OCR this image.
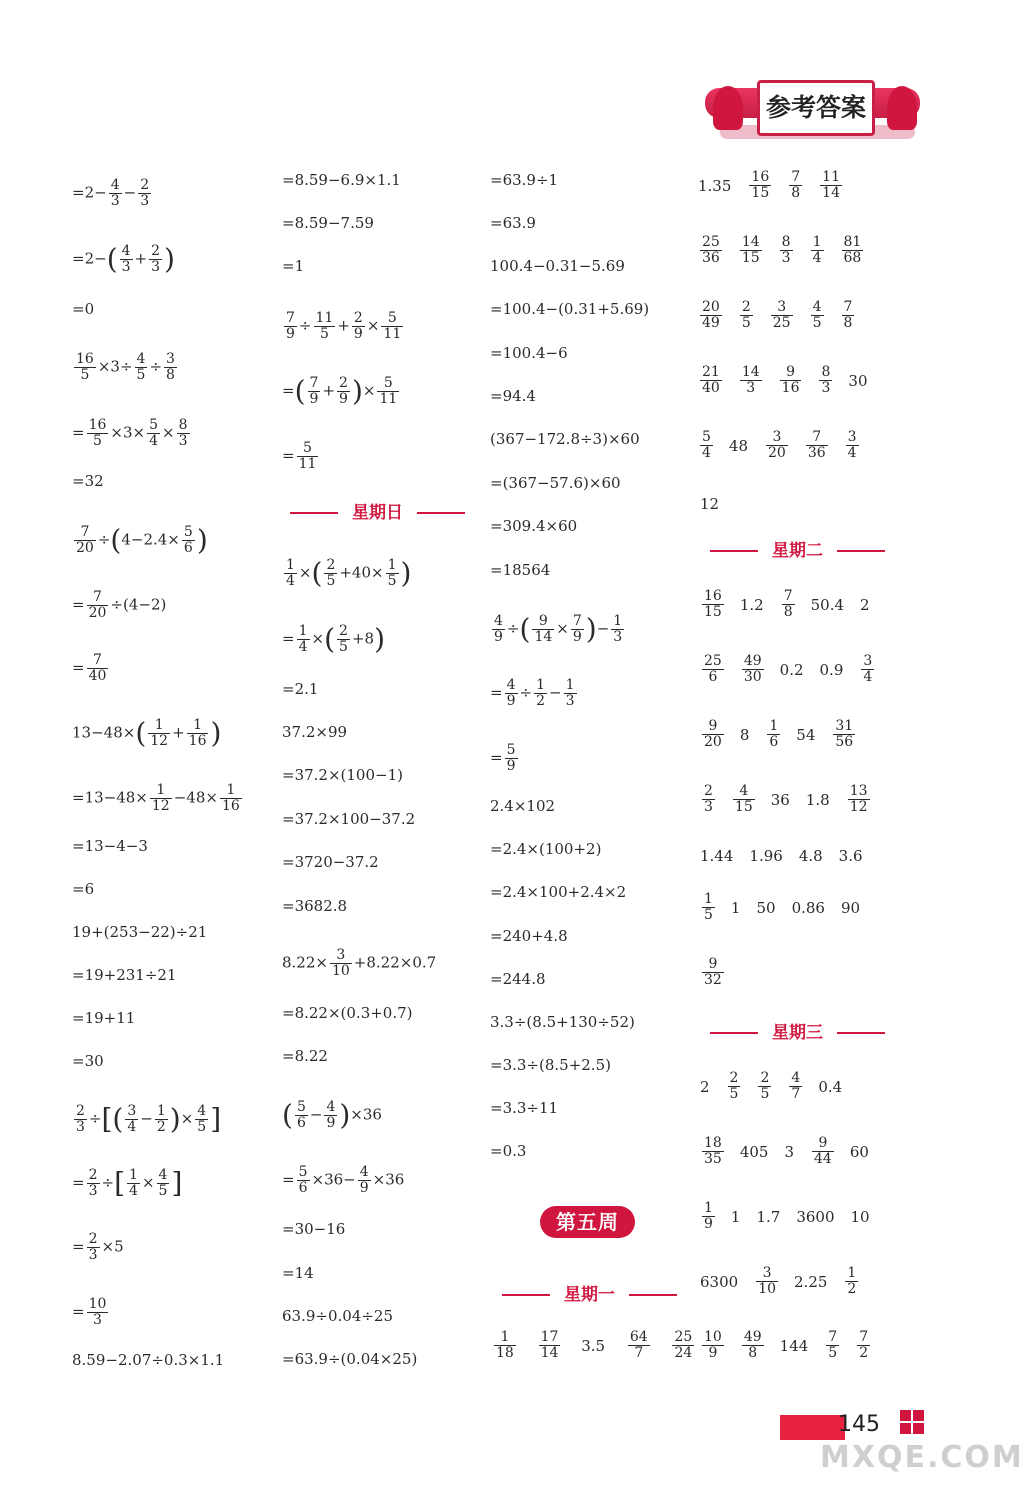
参考答案
$=2- \frac{4}{3} - \frac{2}{3}$
$=2-( \frac{4}{3} + \frac{2}{3}$ )
=0
$\frac{16}{5} \times 3\div \frac{4}{5} \div \frac{3}{8}$
= $\frac{16}{5} \times 3\times \frac{5}{4} \times \frac{8}{3}$
=32
$\frac{7}{20} \div(4-2.4\times \frac{5}{6}$ )
= $\frac{7}{20} \div(4-2)$
= $\frac{7}{40}$
$13-48\times( \frac{1}{12} + \frac{1}{16}$ )
$=13-48\times \frac{1}{12} -48\times \frac{1}{16}$
=13−4−3
=6
19+(253−22)÷21
=19+231÷21
=19+11
=30
$\frac{2}{3}$ ÷[( $\frac{3}{4} - \frac{1}{2}$ )× $\frac{4}{5}$ ]
= $\frac{2}{3}$ ÷[ $\frac{1}{4} \times \frac{4}{5}$ ]
= $\frac{2}{3} \times 5$
= $\frac{10}{3}$
8.59−2.07÷0.3×1.1
=8.59−6.9×1.1
=8.59−7.59
=1
$\frac{7}{9} \div \frac{11}{5} + \frac{2}{9} \times \frac{5}{11}$
=( $\frac{7}{9} + \frac{2}{9}$ )× $\frac{5}{11}$
= $\frac{5}{11}$
$\frac{1}{4}$ ×( $\frac{2}{5} +40\times \frac{1}{5}$ )
= $\frac{1}{4}$ ×( $\frac{2}{5} +8$)
=2.1
37.2×99
=37.2×(100−1)
=37.2×100−37.2
=3720−37.2
=3682.8
$8.22\times \frac{3}{10} +8.22\times 0.7$
=8.22×(0.3+0.7)
=8.22
( $\frac{5}{6} - \frac{4}{9} )\times 36$
= $\frac{5}{6} \times 36- \frac{4}{9} \times 36$
=30−16
=14
63.9÷0.04÷25
=63.9÷(0.04×25)
星期日
=63.9÷1
=63.9
100.4−0.31−5.69
=100.4−(0.31+5.69)
=100.4−6
=94.4
(367−172.8÷3)×60
=(367−57.6)×60
=309.4×60
=18564
$\frac{4}{9}$ ÷( $\frac{9}{14} \times \frac{7}{9}$ )− $\frac{1}{3}$
= $\frac{4}{9} \div \frac{1}{2} - \frac{1}{3}$
= $\frac{5}{9}$
2.4×102
=2.4×(100+2)
=2.4×100+2.4×2
=240+4.8
=244.8
3.3÷(8.5+130÷52)
=3.3÷(8.5+2.5)
=3.3÷11
=0.3
第五周
星期一
$\frac{1}{18}$
$\frac{17}{14} 3.5 \frac{64}{7}$
$\frac{25}{24}$
$1.35 \frac{16}{15} \frac{7}{8} \frac{11}{14}$
$\frac{25}{36} \frac{14}{15} \frac{8}{3} \frac{1}{4} \frac{81}{68}$
$\frac{20}{49} \frac{2}{5} \frac{3}{25} \frac{4}{5} \frac{7}{8}$
$\frac{21}{40} \frac{14}{3} \frac{9}{16} \frac{8}{3} 30$
$\frac{5}{4} 48 \frac{3}{20} \frac{7}{36} \frac{3}{4}$
12
星期二
$\frac{16}{15} 1.2 \frac{7}{8} 50.4$ 2
$\frac{25}{6} \frac{49}{30} 0.2$ $0.9 \frac{3}{4}$
$\frac{9}{20} 8 \frac{1}{6} 54 \frac{31}{56}$
$\frac{2}{3} \frac{4}{15} 36$ $1.8 \frac{13}{12}$
1.44 1.96 4.8 3.6
$\frac{1}{5} 1$ 50 0.86 90
$\frac{9}{32}$
星期三
$2 \frac{2}{5} \frac{2}{5} \frac{4}{7} 0.4$
$\frac{18}{35} 405$ $3 \frac{9}{44} 60$
$\frac{1}{9} 1$ 1.7 3600 10
$6300 \frac{3}{10} 2.25 \frac{1}{2}$
$\frac{10}{9} \frac{49}{8} 144 \frac{7}{5} \frac{7}{2}$
145
MXQE.COM
